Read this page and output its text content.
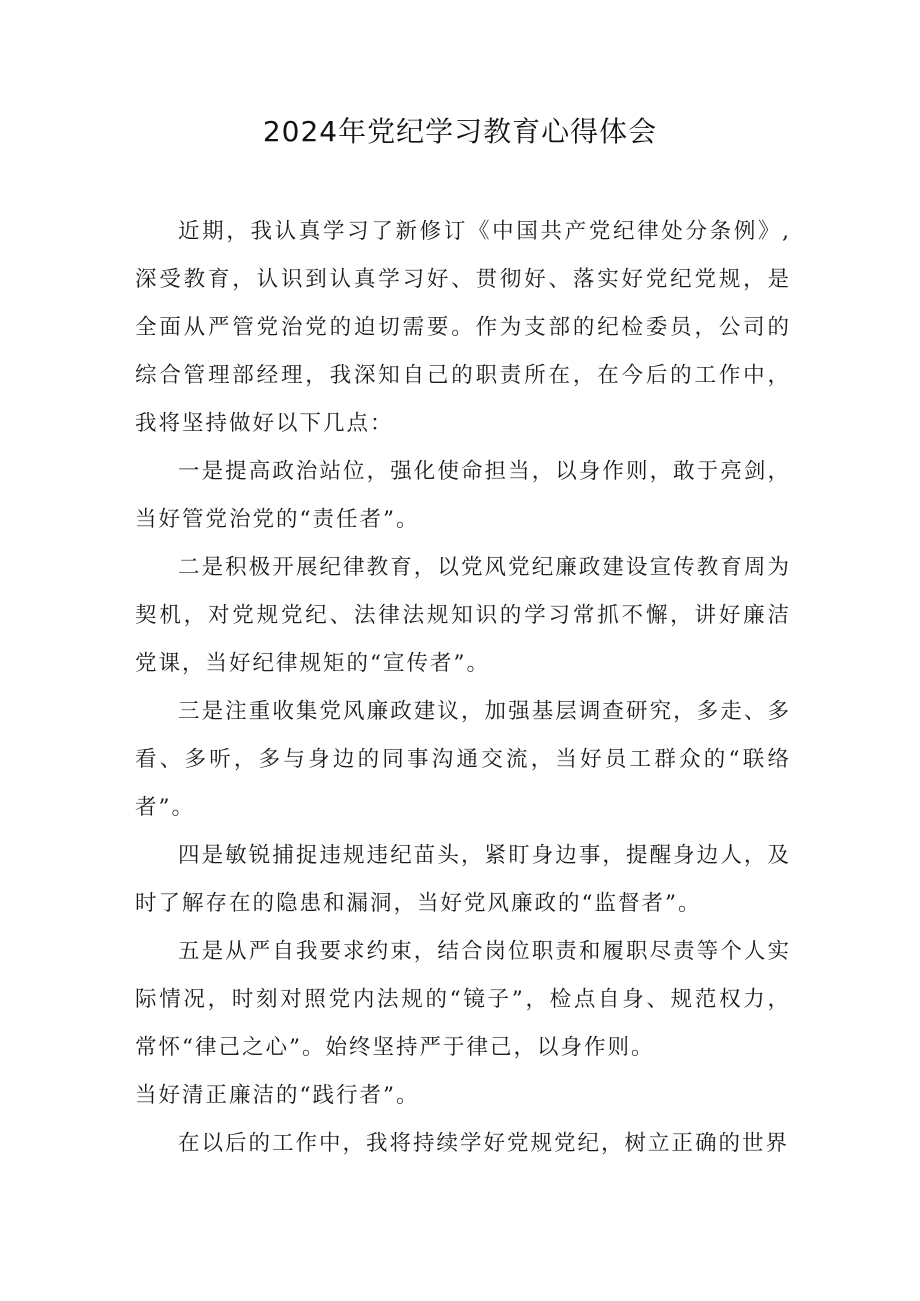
2024年党纪学习教育心得体会

近期，我认真学习了新修订《中国共产党纪律处分条例》,深受教育，认识到认真学习好、贯彻好、落实好党纪党规，是全面从严管党治党的迫切需要。作为支部的纪检委员，公司的综合管理部经理，我深知自己的职责所在，在今后的工作中，我将坚持做好以下几点：

一是提高政治站位，强化使命担当，以身作则，敢于亮剑，当好管党治党的“责任者”。

二是积极开展纪律教育，以党风党纪廉政建设宣传教育周为契机，对党规党纪、法律法规知识的学习常抓不懈，讲好廉洁党课，当好纪律规矩的“宣传者”。

三是注重收集党风廉政建议，加强基层调查研究，多走、多看、多听，多与身边的同事沟通交流，当好员工群众的“联络者”。

四是敏锐捕捉违规违纪苗头，紧盯身边事，提醒身边人，及时了解存在的隐患和漏洞，当好党风廉政的“监督者”。

五是从严自我要求约束，结合岗位职责和履职尽责等个人实际情况，时刻对照党内法规的“镜子”，检点自身、规范权力，常怀“律己之心”。始终坚持严于律己，以身作则。

当好清正廉洁的“践行者”。

在以后的工作中，我将持续学好党规党纪，树立正确的世界
